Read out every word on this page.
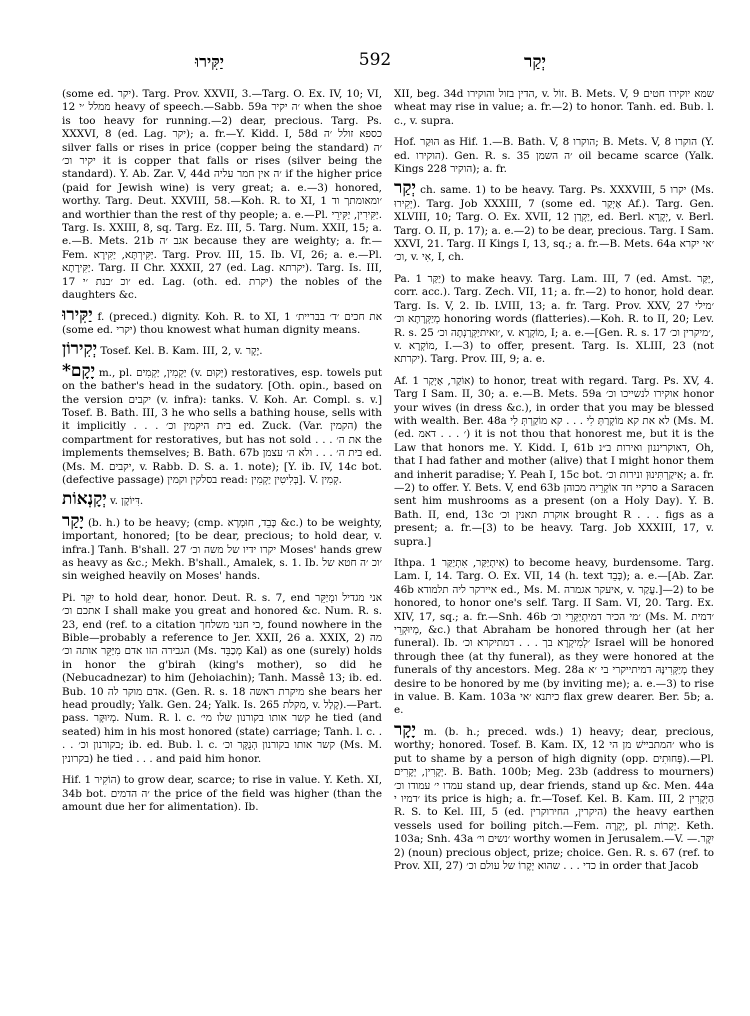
יַקִּירוּ	592	יְקַר

(some ed. יקר). Targ. Prov. XXVII, 3.—Targ. O. Ex. IV, 10; VI, 12 ממלל ׳י heavy of speech.—Sabb. 59a ׳ה יקיר when the shoe is too heavy for running.—2) dear, precious. Targ. Ps. XXXVI, 8 (ed. Lag. יקר); a. fr.—Y. Kidd. I, 58d כספא זולל ׳ה silver falls or rises in price (copper being the standard) ׳ה יקיר וכ׳ it is copper that falls or rises (silver being the standard). Y. Ab. Zar. V, 44d ׳ה אין חמר עליה if the higher price (paid for Jewish wine) is very great; a. e.—3) honored, worthy. Targ. Deut. XXVIII, 58.—Koh. R. to XI, 1 ׳ומאומתך וד and worthier than the rest of thy people; a. e.—Pl. יַקִּירִין, יַקִּירֵי. Targ. Is. XXIII, 8, sq. Targ. Ez. III, 5. Targ. Num. XXII, 15; a. e.—B. Mets. 21b אגב ׳ה because they are weighty; a. fr.—Fem. יַקִּירְתָּא, יַקִּירָא. Targ. Prov. III, 15. Ib. VI, 26; a. e.—Pl. יַקִּירָתָא. Targ. II Chr. XXXII, 27 (ed. Lag. יקרתא). Targ. Is. III, 17 ׳וכ ׳בנת ׳י ed. Lag. (oth. ed. יקרת) the nobles of the daughters &c.

יַקִּירוּ f. (preced.) dignity. Koh. R. to XI, 1 את חכים ׳ד׳ בבריית׳ (some ed. יקרי) thou knowest what human dignity means.

יְקִירוֹן Tosef. Kel. B. Kam. III, 2, v. יָקָר.

*יָקָם m., pl. יַקְמִין, יַקְמִים (v. יְקוּם) restoratives, esp. towels put on the bather's head in the sudatory. [Oth. opin., based on the version יקבים (v. infra): tanks. V. Koh. Ar. Compl. s. v.] Tosef. B. Bath. III, 3 he who sells a bathing house, sells with it implicitly . . . בית היקמין וכ׳ ed. Zuck. (Var. הקמין) the compartment for restoratives, but has not sold . . . את ה׳ the implements themselves; B. Bath. 67b בית ה׳ . . . ולא ה׳ עצמן ed. (Ms. M. יקבים, v. Rabb. D. S. a. 1. note); [Y. ib. IV, 14c bot. (defective passage) בסלקין וקמין read: בְּלִיטִין יַקְמִין]. V. קְמִין.

יְקָנְאוֹת v. דִּיוֹקָן.

יָקַר (b. h.) to be heavy; (cmp. כָּבֵד, חוּמְרָא &c.) to be weighty, important, honored; [to be dear, precious; to hold dear, v. infra.] Tanh. B'shall. 27 יקרו ידיו של משה וכ׳ Moses' hands grew as heavy as &c.; Mekh. B'shall., Amalek, s. 1. Ib. ׳וכ ׳ה חטא של sin weighed heavily on Moses' hands.

Pi. יִקֵּר to hold dear, honor. Deut. R. s. 7, end אני מגדיל ומְיַקֵּר אתכם וכ׳ I shall make you great and honored &c. Num. R. s. 23, end (ref. to a citation כי חנני משלחך, found nowhere in the Bible—probably a reference to Jer. XXII, 26 a. XXIX, 2) מה הגבירה הזו אדם מִיַּקֵּר אותה וכ׳ (Ms. מְכַבֵּד Kal) as one (surely) holds in honor the g'birah (king's mother), so did he (Nebucadnezar) to him (Jehoiachin); Tanh. Massê 13; ib. ed. Bub. 10 אדם מוקר לה. (Gen. R. s. 18 מיקרת ראשה she bears her head proudly; Yalk. Gen. 24; Yalk. Is. 265 מקלת, v. קָלַל).—Part. pass. מְיוּקָּר. Num. R. l. c. קשר אותו בקורנון שלו מי׳ he tied (and seated) him in his most honored (state) carriage; Tanh. l. c. . . . בקורנון וכ׳; ib. ed. Bub. l. c. קשר אותו בקורנון הְנֻקָּר וכ׳ (Ms. M. בקרונין) he tied . . . and paid him honor.

Hif. הוֹקִיר 1) to grow dear, scarce; to rise in value. Y. Keth. XI, 34b bot. ׳ה הדמים the price of the field was higher (than the amount due her for alimentation). Ib.

XII, beg. 34d הדין בזול והוקירו, v. זוֹל. B. Mets. V, 9 שמא יוקירו חטים wheat may rise in value; a. fr.—2) to honor. Tanh. ed. Bub. l. c., v. supra.

Hof. הוּקַר as Hif. 1.—B. Bath. V, 8 הוקרו; B. Mets. V, 8 הוקרו (Y. ed. הוקירו). Gen. R. s. 35 ׳ה השמן oil became scarce (Yalk. Kings 228 הוקיר); a. fr.

יְקַר ch. same. 1) to be heavy. Targ. Ps. XXXVIII, 5 יקרו (Ms. יְקִירוּ). Targ. Job XXXIII, 7 (some ed. אַיְקַר Af.). Targ. Gen. XLVIII, 10; Targ. O. Ex. XVII, 12 יַקְרַן, ed. Berl. יְקָרָא, v. Berl. Targ. O. II, p. 17); a. e.—2) to be dear, precious. Targ. I Sam. XXVI, 21. Targ. II Kings I, 13, sq.; a. fr.—B. Mets. 64a ׳אי יקרא וכ׳, v. אִי, I, ch.

Pa. יַקַּר 1) to make heavy. Targ. Lam. III, 7 (ed. Amst. יַקַּר, corr. acc.). Targ. Zech. VII, 11; a. fr.—2) to honor, hold dear. Targ. Is. V, 2. Ib. LVIII, 13; a. fr. Targ. Prov. XXV, 27 ׳מילי מְיַקְּרָתָא וכ׳ honoring words (flatteries).—Koh. R. to II, 20; Lev. R. s. 25 ׳ואיתיַקְּרַנְתָה וכ׳, v. מוֹקְרָא, I; a. e.—[Gen. R. s. 17 ׳מיקרין וכ׳, v. מוֹקְרָא, I.—3) to offer, present. Targ. Is. XLIII, 23 (not יקרתא). Targ. Prov. III, 9; a. e.

Af. אוֹקַר, אַיְקַר 1) to honor, treat with regard. Targ. Ps. XV, 4. Targ I Sam. II, 30; a. e.—B. Mets. 59a אוקירו לנשייכו וכ׳ honor your wives (in dress &c.), in order that you may be blessed with wealth. Ber. 48a לא את קא מוֹקְרַתְּ לִי . . . קא מוֹקַרְתְּ לִי (Ms. M. (ed. ׳ . . . דאמ) it is not thou that honorest me, but it is the Law that honors me. Y. Kidd. I, 61b דאוקריננון ואירות ב״נ, Oh, that I had father and mother (alive) that I might honor them and inherit paradise; Y. Peah I, 15c bot. אִיקַרְתִּינוּן ונירות וכ׳; a. fr.—2) to offer. Y. Bets. V, end 63b סרקיי חד אוֹקְרֵיה מכוהן a Saracen sent him mushrooms as a present (on a Holy Day). Y. B. Bath. II, end, 13c אוקרת תאנין וכ׳ brought R . . . figs as a present; a. fr.—[3) to be heavy. Targ. Job XXXIII, 17, v. supra.]

Ithpa. אִיתְיַקַּר, אִתְיַקַּר 1) to become heavy, burdensome. Targ. Lam. I, 14. Targ. O. Ex. VII, 14 (h. text כָּבֵד); a. e.—[Ab. Zar. 46b איירקר ליה תלמודא ed., Ms. M. איעקר אגמרה, v. עֲקַר.]—2) to be honored, to honor one's self. Targ. II Sam. VI, 20. Targ. Ex. XIV, 17, sq.; a. fr.—Snh. 46b ׳מי הכיר דמיתְיַקְּרֵי וכ׳ (Ms. M. ׳דמית ,מְיוּקְרֵי &c.) that Abraham be honored through her (at her funeral). Ib. ׳לְמִיקְרָא בך . . . דמתיקרא וכ׳ Israel will be honored through thee (at thy funeral), as they were honored at the funerals of thy ancestors. Meg. 28a מְיַקְּרִינָּהּ דמיתייקרי בי ׳א they desire to be honored by me (by inviting me); a. e.—3) to rise in value. B. Kam. 103a כיתנא ׳אי flax grew dearer. Ber. 5b; a. e.

יָקָר m. (b. h.; preced. wds.) 1) heavy; dear, precious, worthy; honored. Tosef. B. Kam. IX, 12 ׳המתביישׁ מן הי who is put to shame by a person of high dignity (opp. פְּחוּתִים).—Pl. יְקָרִין, יְקָרִים. B. Bath. 100b; Meg. 23b (address to mourners) עמדו י׳ עמודו וכ׳ stand up, dear friends, stand up &c. Men. 44a ׳דמיו י its price is high; a. fr.—Tosef. Kel. B. Kam. III, 2 הַיְקָרִין R. S. to Kel. III, 5 (ed. היקרין, החירוקרין) the heavy earthen vessels used for boiling pitch.—Fem. יְקָרָה, pl. יְקָרוֹת. Keth. 103a; Snh. 43a ׳נשים וי׳ worthy women in Jerusalem.—V. יִקָּר.—2) (noun) precious object, prize; choice. Gen. R. s. 67 (ref. to Prov. XII, 27) כדי . . . שהוא יְקָרוֹ של עולם וכ׳ in order that Jacob
